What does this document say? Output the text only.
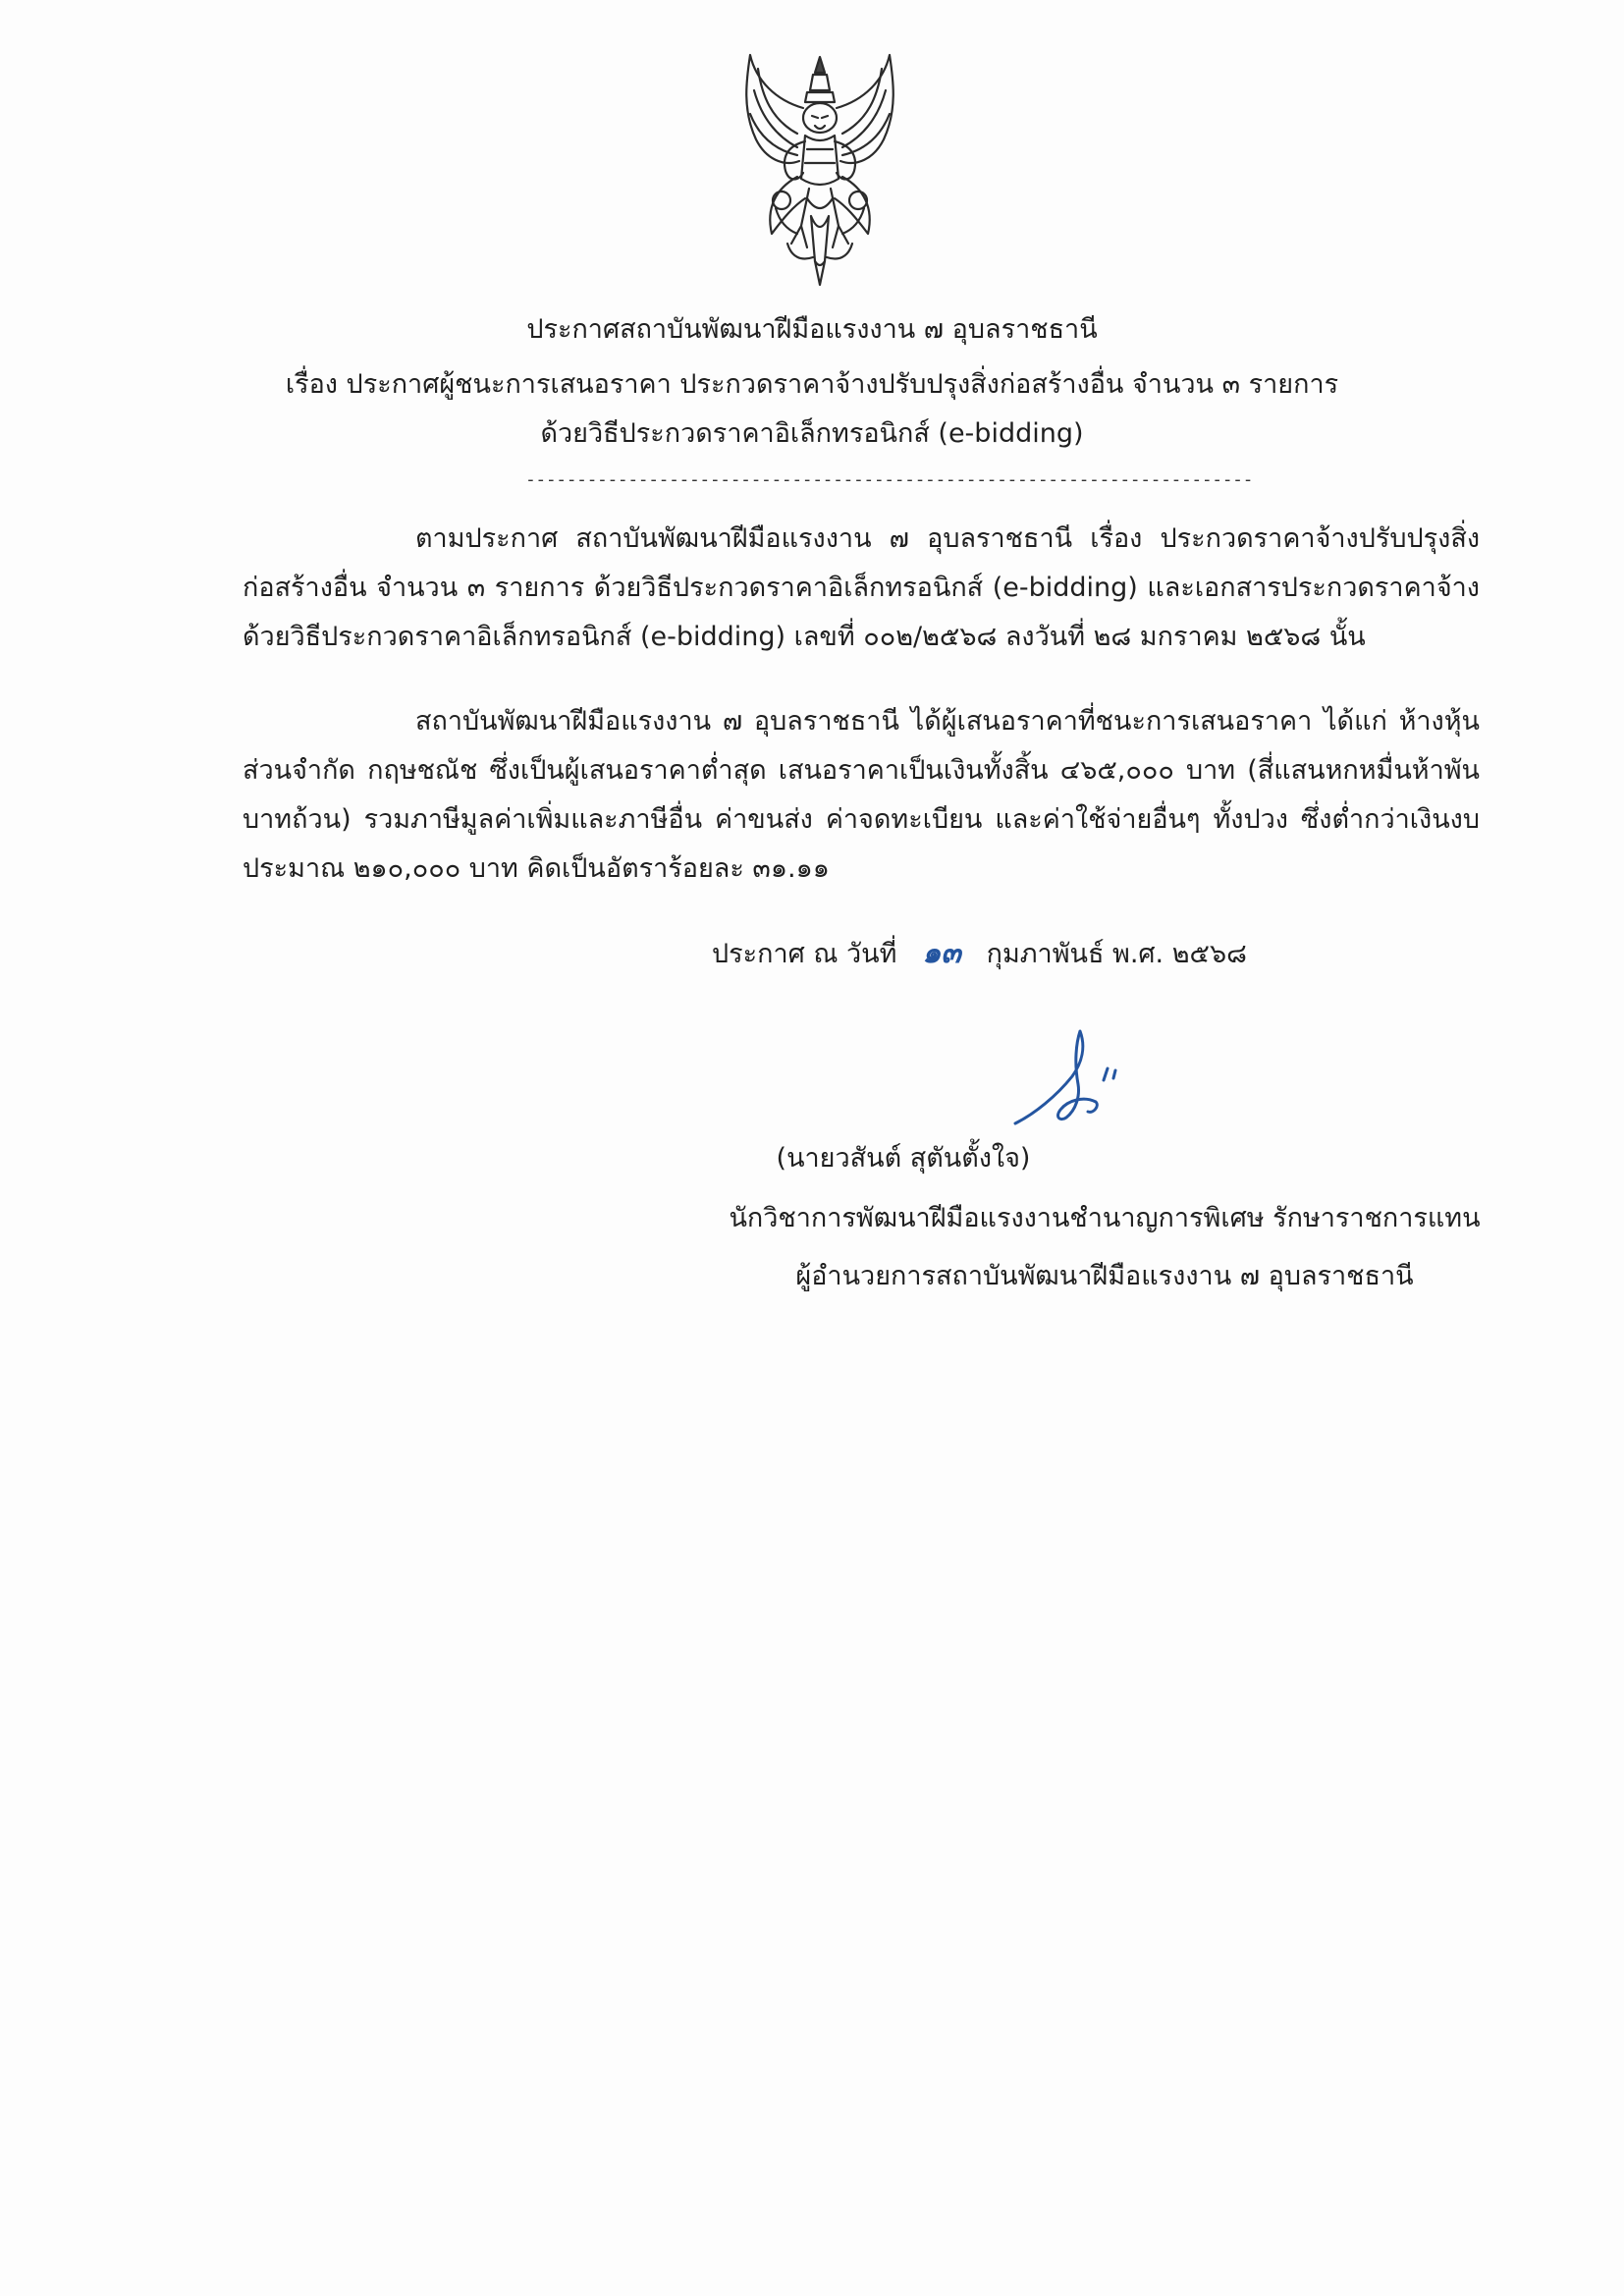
ประกาศสถาบันพัฒนาฝีมือแรงงาน ๗ อุบลราชธานี
เรื่อง ประกาศผู้ชนะการเสนอราคา ประกวดราคาจ้างปรับปรุงสิ่งก่อสร้างอื่น จำนวน ๓ รายการ
ด้วยวิธีประกวดราคาอิเล็กทรอนิกส์ (e-bidding)
-----------------------------------------------------------------------
ตามประกาศ สถาบันพัฒนาฝีมือแรงงาน ๗ อุบลราชธานี เรื่อง ประกวดราคาจ้างปรับปรุงสิ่งก่อสร้างอื่น จำนวน ๓ รายการ ด้วยวิธีประกวดราคาอิเล็กทรอนิกส์ (e-bidding) และเอกสารประกวดราคาจ้างด้วยวิธีประกวดราคาอิเล็กทรอนิกส์ (e-bidding) เลขที่ ๐๐๒/๒๕๖๘ ลงวันที่ ๒๘ มกราคม ๒๕๖๘ นั้น
สถาบันพัฒนาฝีมือแรงงาน ๗ อุบลราชธานี ได้ผู้เสนอราคาที่ชนะการเสนอราคา ได้แก่ ห้างหุ้นส่วนจำกัด กฤษชณัช ซึ่งเป็นผู้เสนอราคาต่ำสุด เสนอราคาเป็นเงินทั้งสิ้น ๔๖๕,๐๐๐ บาท (สี่แสนหกหมื่นห้าพันบาทถ้วน) รวมภาษีมูลค่าเพิ่มและภาษีอื่น ค่าขนส่ง ค่าจดทะเบียน และค่าใช้จ่ายอื่นๆ ทั้งปวง ซึ่งต่ำกว่าเงินงบประมาณ ๒๑๐,๐๐๐ บาท คิดเป็นอัตราร้อยละ ๓๑.๑๑
ประกาศ ณ วันที่ ๑๓ กุมภาพันธ์ พ.ศ. ๒๕๖๘
(นายวสันต์ สุตันตั้งใจ)
นักวิชาการพัฒนาฝีมือแรงงานชำนาญการพิเศษ รักษาราชการแทน
ผู้อำนวยการสถาบันพัฒนาฝีมือแรงงาน ๗ อุบลราชธานี
